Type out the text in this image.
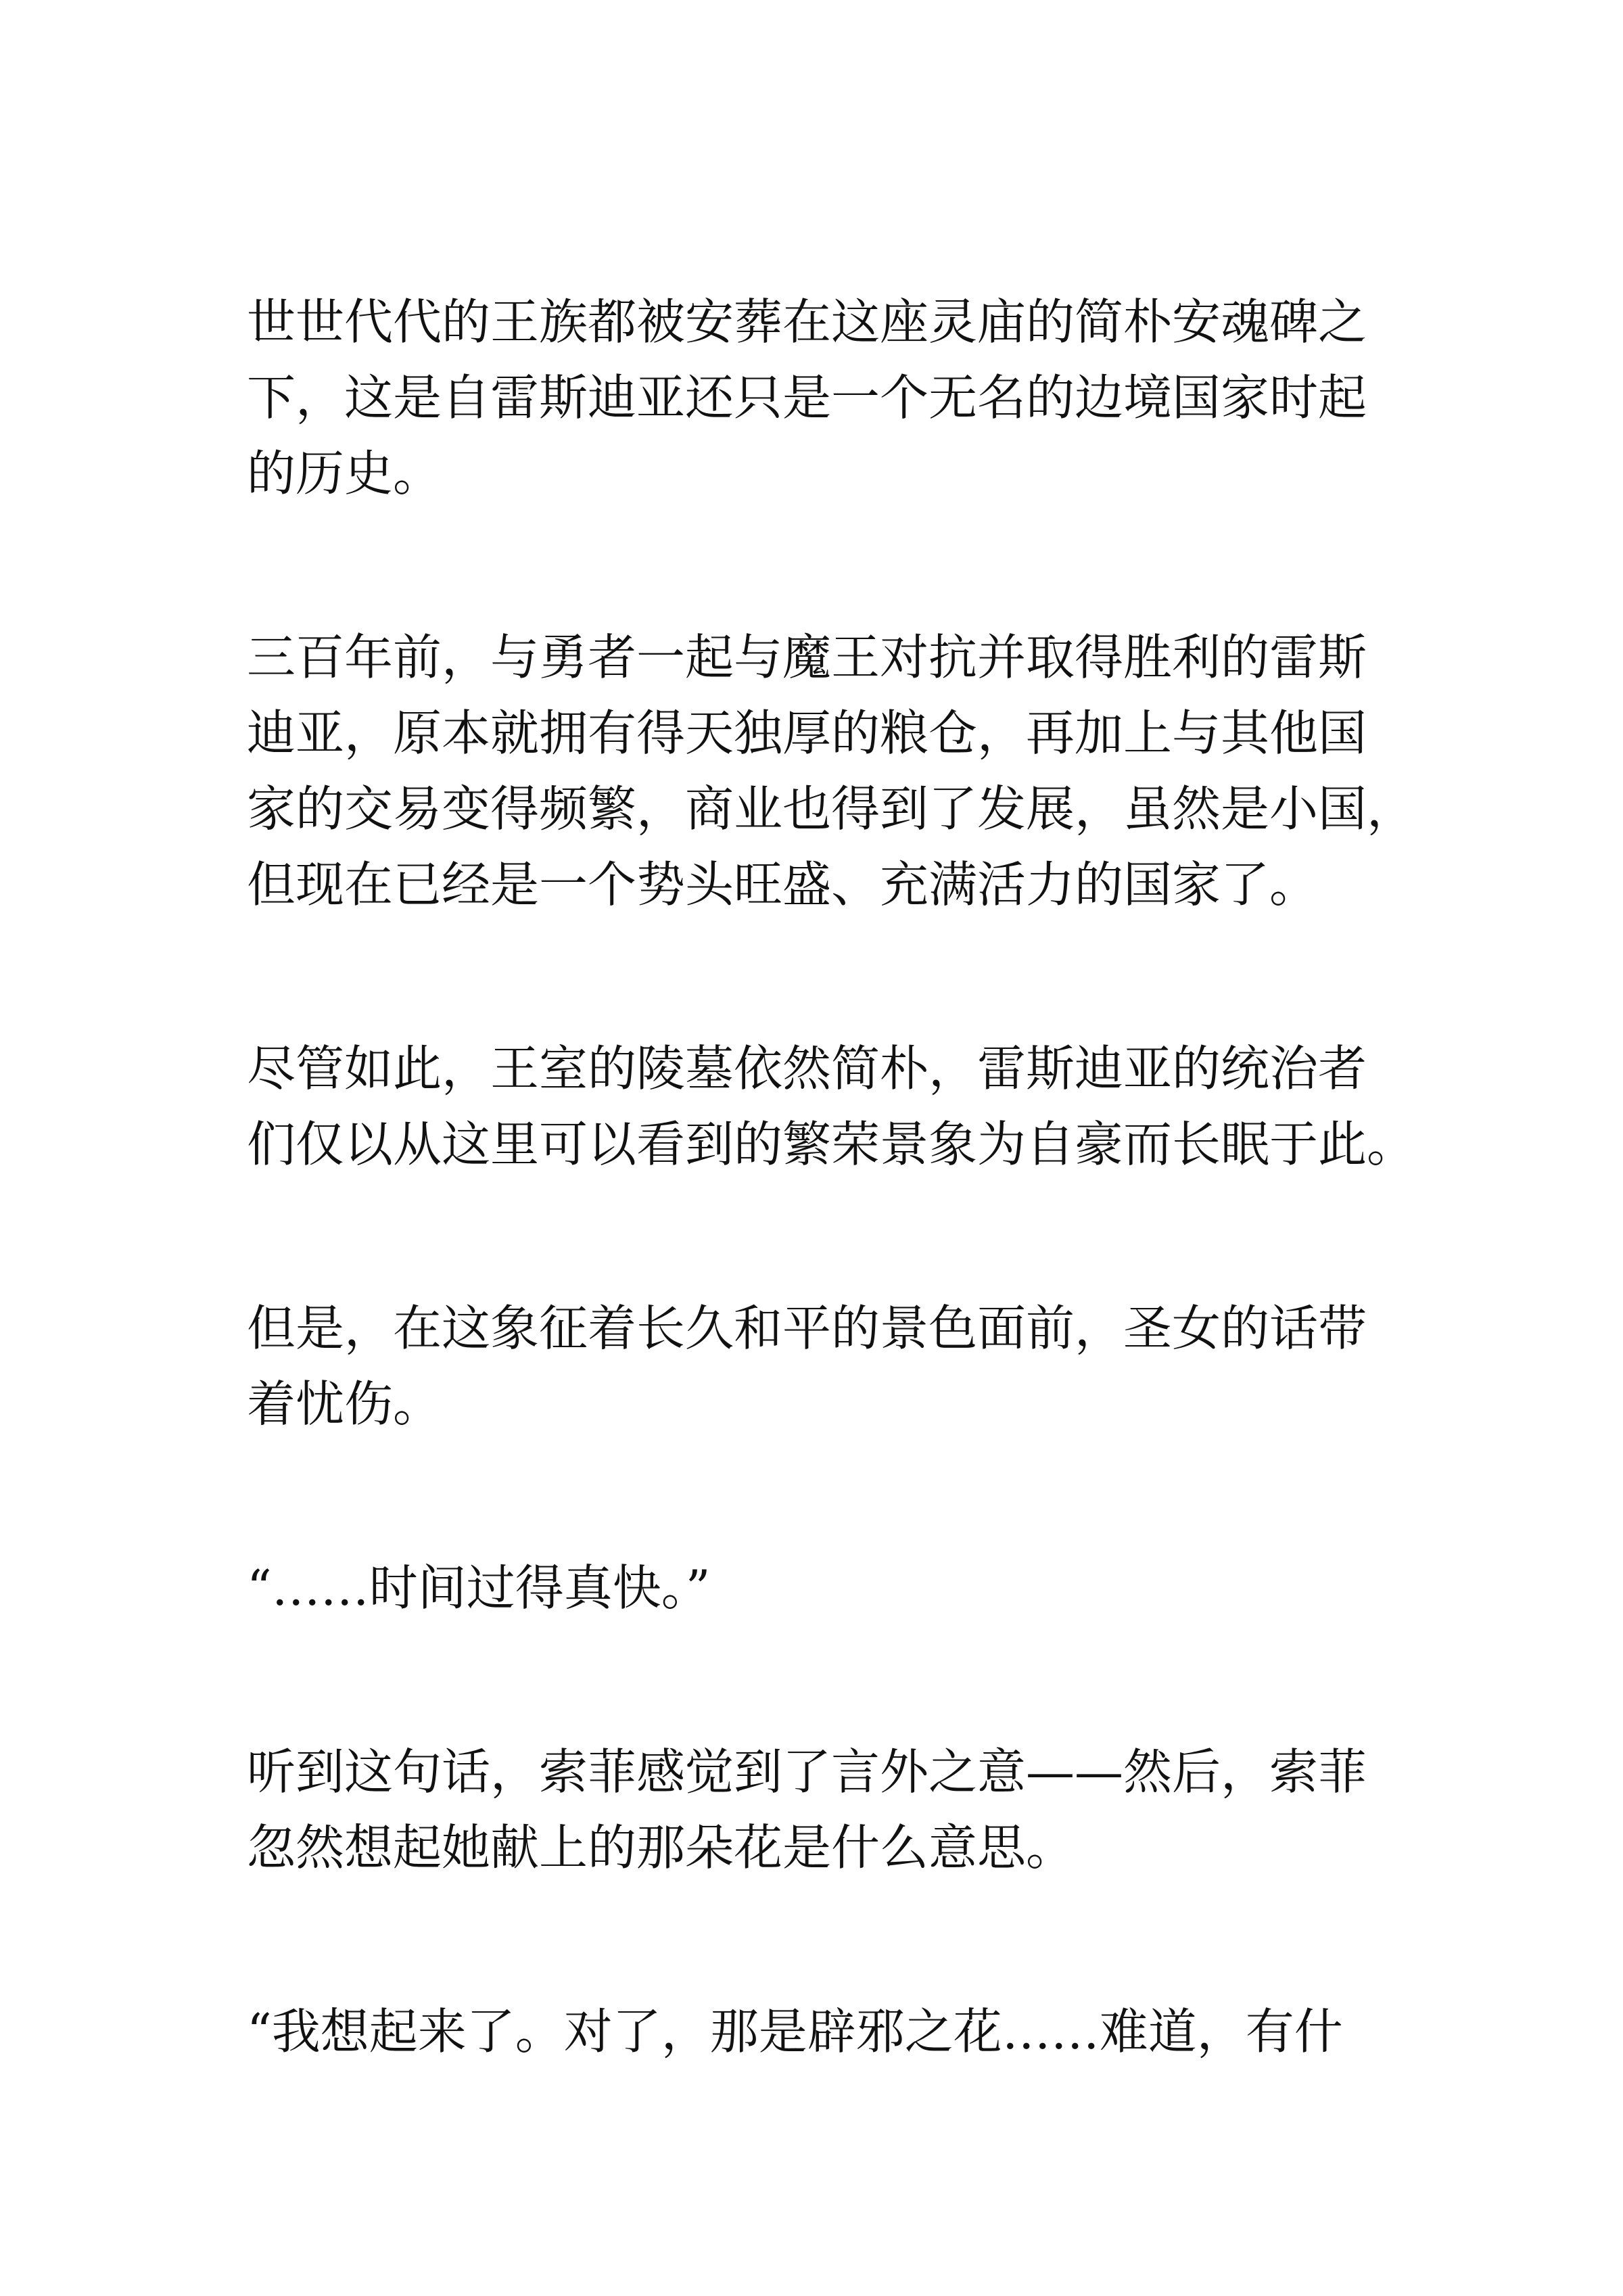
世世代代的王族都被安葬在这座灵庙的简朴安魂碑之
下，这是自雷斯迪亚还只是一个无名的边境国家时起
的历史。

三百年前，与勇者一起与魔王对抗并取得胜利的雷斯
迪亚，原本就拥有得天独厚的粮仓，再加上与其他国
家的交易变得频繁，商业也得到了发展，虽然是小国，
但现在已经是一个势头旺盛、充满活力的国家了。

尽管如此，王室的陵墓依然简朴，雷斯迪亚的统治者
们仅以从这里可以看到的繁荣景象为自豪而长眠于此。

但是，在这象征着长久和平的景色面前，圣女的话带
着忧伤。

“……时间过得真快。”

听到这句话，索菲感觉到了言外之意——然后，索菲
忽然想起她献上的那朵花是什么意思。

“我想起来了。对了，那是辟邪之花……难道，有什
